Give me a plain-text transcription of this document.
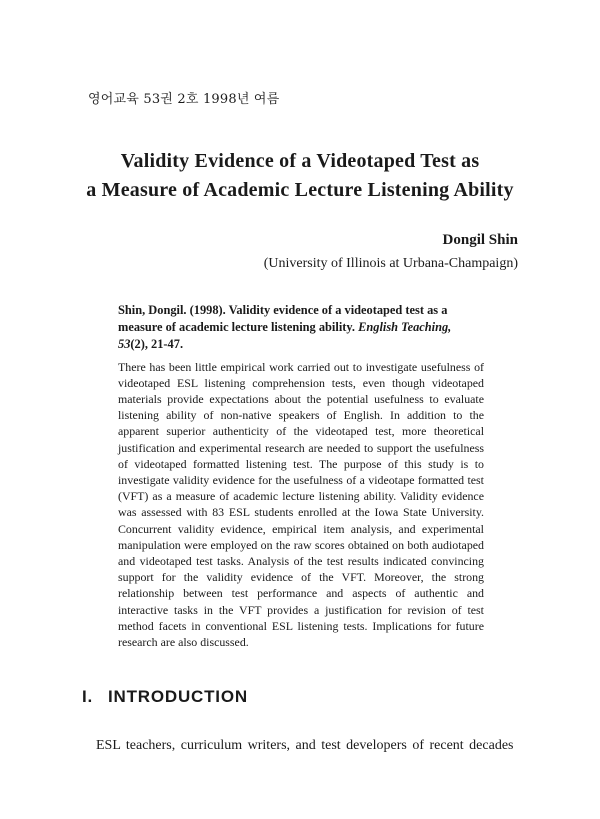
영어교육 53권 2호 1998년 여름
Validity Evidence of a Videotaped Test as
a Measure of Academic Lecture Listening Ability
Dongil Shin
(University of Illinois at Urbana-Champaign)
Shin, Dongil. (1998). Validity evidence of a videotaped test as a measure of academic lecture listening ability. English Teaching, 53(2), 21-47.

There has been little empirical work carried out to investigate usefulness of videotaped ESL listening comprehension tests, even though videotaped materials provide expectations about the potential usefulness to evaluate listening ability of non-native speakers of English. In addition to the apparent superior authenticity of the videotaped test, more theoretical justification and experimental research are needed to support the usefulness of videotaped formatted listening test. The purpose of this study is to investigate validity evidence for the usefulness of a videotape formatted test (VFT) as a measure of academic lecture listening ability. Validity evidence was assessed with 83 ESL students enrolled at the Iowa State University. Concurrent validity evidence, empirical item analysis, and experimental manipulation were employed on the raw scores obtained on both audiotaped and videotaped test tasks. Analysis of the test results indicated convincing support for the validity evidence of the VFT. Moreover, the strong relationship between test performance and aspects of authentic and interactive tasks in the VFT provides a justification for revision of test method facets in conventional ESL listening tests. Implications for future research are also discussed.

I. INTRODUCTION
ESL teachers, curriculum writers, and test developers of recent decades
